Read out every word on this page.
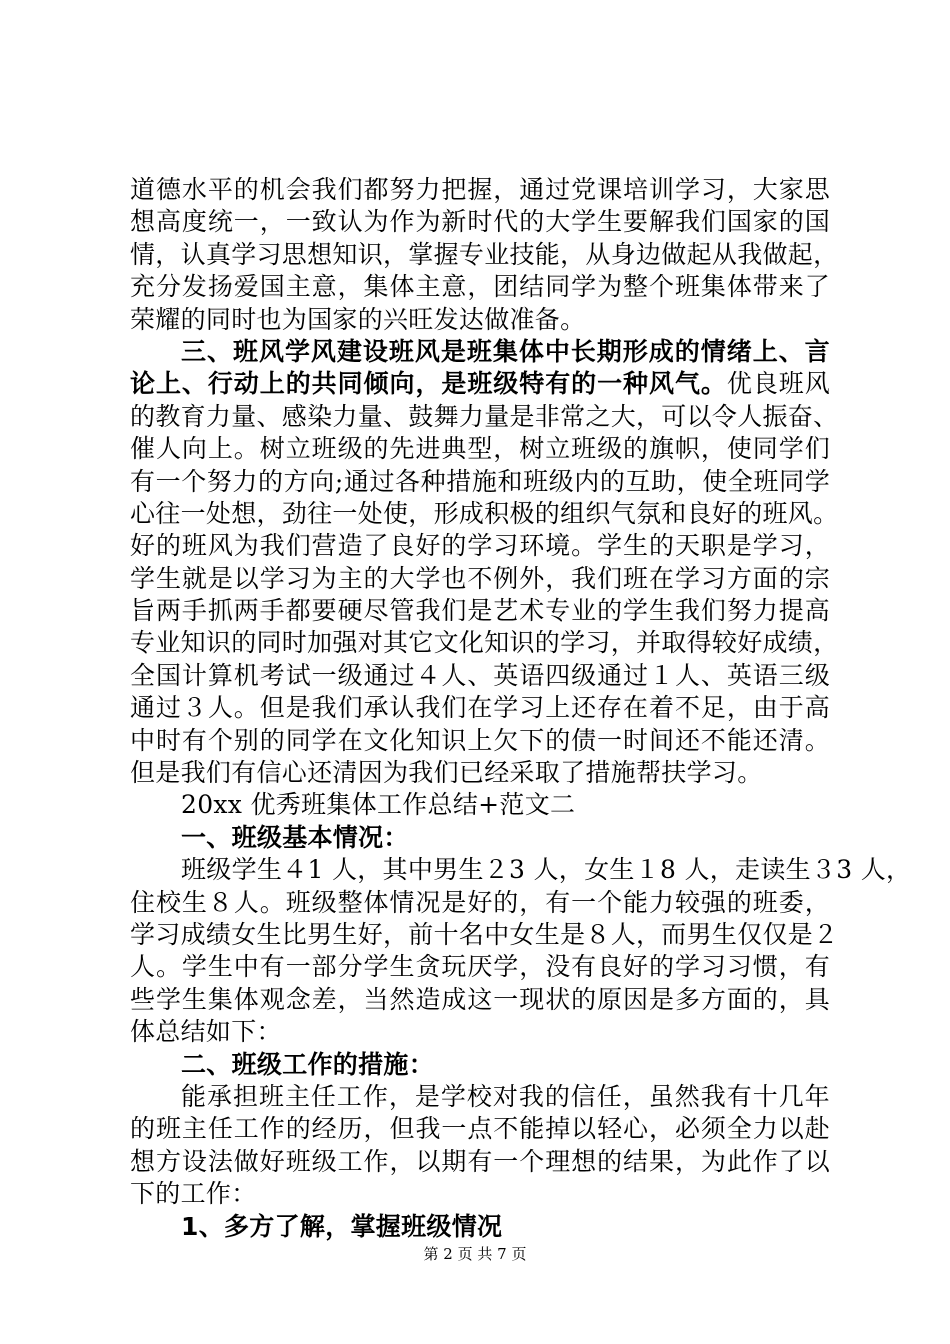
道德水平的机会我们都努力把握，通过党课培训学习，大家思
想高度统一，一致认为作为新时代的大学生要解我们国家的国
情，认真学习思想知识，掌握专业技能，从身边做起从我做起，
充分发扬爱国主意，集体主意，团结同学为整个班集体带来了
荣耀的同时也为国家的兴旺发达做准备。
三、班风学风建设班风是班集体中长期形成的情绪上、言
论上、行动上的共同倾向，是班级特有的一种风气。优良班风
的教育力量、感染力量、鼓舞力量是非常之大，可以令人振奋、
催人向上。树立班级的先进典型，树立班级的旗帜，使同学们
有一个努力的方向;通过各种措施和班级内的互助，使全班同学
心往一处想，劲往一处使，形成积极的组织气氛和良好的班风。
好的班风为我们营造了良好的学习环境。学生的天职是学习，
学生就是以学习为主的大学也不例外，我们班在学习方面的宗
旨两手抓两手都要硬尽管我们是艺术专业的学生我们努力提高
专业知识的同时加强对其它文化知识的学习，并取得较好成绩，
全国计算机考试一级通过４人、英语四级通过１人、英语三级
通过３人。但是我们承认我们在学习上还存在着不足，由于高
中时有个别的同学在文化知识上欠下的债一时间还不能还清。
但是我们有信心还清因为我们已经采取了措施帮扶学习。
20xx 优秀班集体工作总结+范文二
一、班级基本情况：
班级学生４1 人，其中男生２3 人，女生１8 人，走读生３3 人，
住校生８人。班级整体情况是好的，有一个能力较强的班委，
学习成绩女生比男生好，前十名中女生是８人，而男生仅仅是２
人。学生中有一部分学生贪玩厌学，没有良好的学习习惯，有
些学生集体观念差，当然造成这一现状的原因是多方面的，具
体总结如下：
二、班级工作的措施：
能承担班主任工作，是学校对我的信任，虽然我有十几年
的班主任工作的经历，但我一点不能掉以轻心，必须全力以赴
想方设法做好班级工作，以期有一个理想的结果，为此作了以
下的工作：
1、多方了解，掌握班级情况
第 2 页 共 7 页
